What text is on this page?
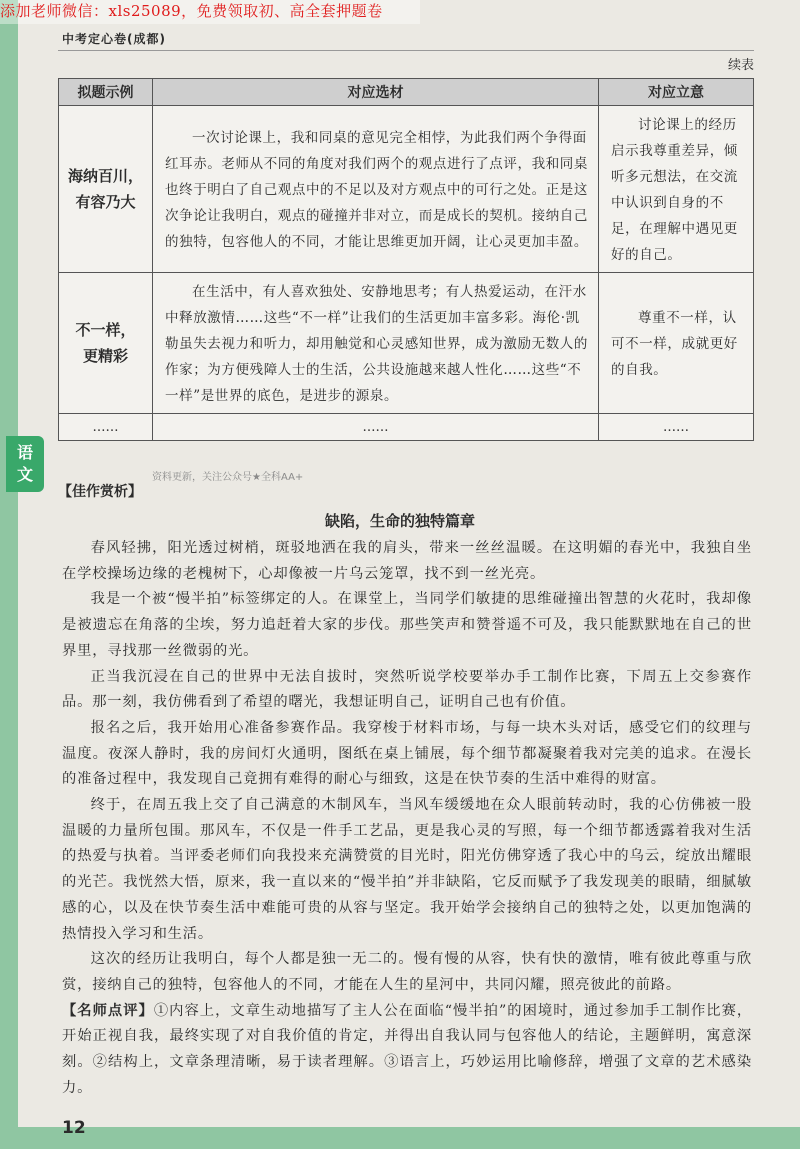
添加老师微信：xls25089，免费领取初、高全套押题卷
语
文
中考定心卷(成都)
续表
拟题示例	对应选材	对应立意

海纳百川，
有容乃大	一次讨论课上，我和同桌的意见完全相悖，为此我们两个争得面红耳赤。老师从不同的角度对我们两个的观点进行了点评，我和同桌也终于明白了自己观点中的不足以及对方观点中的可行之处。正是这次争论让我明白，观点的碰撞并非对立，而是成长的契机。接纳自己的独特，包容他人的不同，才能让思维更加开阔，让心灵更加丰盈。	讨论课上的经历启示我尊重差异，倾听多元想法，在交流中认识到自身的不足，在理解中遇见更好的自己。

不一样，
更精彩	在生活中，有人喜欢独处、安静地思考；有人热爱运动，在汗水中释放激情……这些“不一样”让我们的生活更加丰富多彩。海伦·凯勒虽失去视力和听力，却用触觉和心灵感知世界，成为激励无数人的作家；为方便残障人士的生活，公共设施越来越人性化……这些“不一样”是世界的底色，是进步的源泉。	尊重不一样，认可不一样，成就更好的自我。
……	……	……
资料更新，关注公众号★全科AA+
【佳作赏析】
缺陷，生命的独特篇章

春风轻拂，阳光透过树梢，斑驳地洒在我的肩头，带来一丝丝温暖。在这明媚的春光中，我独自坐在学校操场边缘的老槐树下，心却像被一片乌云笼罩，找不到一丝光亮。

我是一个被“慢半拍”标签绑定的人。在课堂上，当同学们敏捷的思维碰撞出智慧的火花时，我却像是被遗忘在角落的尘埃，努力追赶着大家的步伐。那些笑声和赞誉遥不可及，我只能默默地在自己的世界里，寻找那一丝微弱的光。

正当我沉浸在自己的世界中无法自拔时，突然听说学校要举办手工制作比赛，下周五上交参赛作品。那一刻，我仿佛看到了希望的曙光，我想证明自己，证明自己也有价值。

报名之后，我开始用心准备参赛作品。我穿梭于材料市场，与每一块木头对话，感受它们的纹理与温度。夜深人静时，我的房间灯火通明，图纸在桌上铺展，每个细节都凝聚着我对完美的追求。在漫长的准备过程中，我发现自己竟拥有难得的耐心与细致，这是在快节奏的生活中难得的财富。

终于，在周五我上交了自己满意的木制风车，当风车缓缓地在众人眼前转动时，我的心仿佛被一股温暖的力量所包围。那风车，不仅是一件手工艺品，更是我心灵的写照，每一个细节都透露着我对生活的热爱与执着。当评委老师们向我投来充满赞赏的目光时，阳光仿佛穿透了我心中的乌云，绽放出耀眼的光芒。我恍然大悟，原来，我一直以来的“慢半拍”并非缺陷，它反而赋予了我发现美的眼睛，细腻敏感的心，以及在快节奏生活中难能可贵的从容与坚定。我开始学会接纳自己的独特之处，以更加饱满的热情投入学习和生活。

这次的经历让我明白，每个人都是独一无二的。慢有慢的从容，快有快的激情，唯有彼此尊重与欣赏，接纳自己的独特，包容他人的不同，才能在人生的星河中，共同闪耀，照亮彼此的前路。

【名师点评】①内容上，文章生动地描写了主人公在面临“慢半拍”的困境时，通过参加手工制作比赛，开始正视自我，最终实现了对自我价值的肯定，并得出自我认同与包容他人的结论，主题鲜明，寓意深刻。②结构上，文章条理清晰，易于读者理解。③语言上，巧妙运用比喻修辞，增强了文章的艺术感染力。

12
